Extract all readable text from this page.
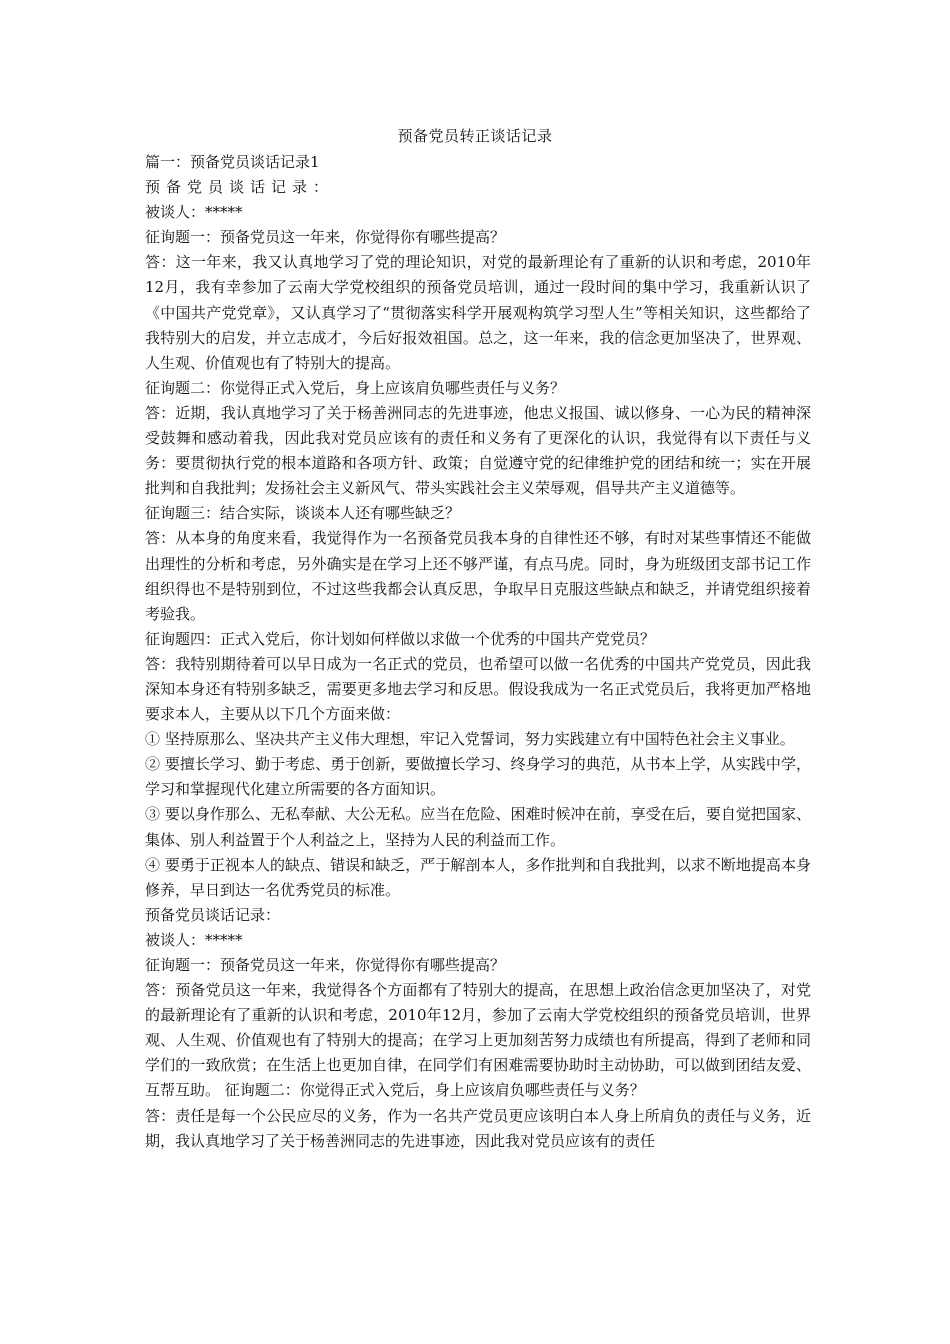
预备党员转正谈话记录

篇一：预备党员谈话记录1

预备党员谈话记录：

被谈人：*****

征询题一：预备党员这一年来，你觉得你有哪些提高？

答：这一年来，我又认真地学习了党的理论知识，对党的最新理论有了重新的认识和考虑，2010年12月，我有幸参加了云南大学党校组织的预备党员培训，通过一段时间的集中学习，我重新认识了《中国共产党党章》，又认真学习了“贯彻落实科学开展观构筑学习型人生”等相关知识，这些都给了我特别大的启发，并立志成才，今后好报效祖国。总之，这一年来，我的信念更加坚决了，世界观、人生观、价值观也有了特别大的提高。

征询题二：你觉得正式入党后，身上应该肩负哪些责任与义务？

答：近期，我认真地学习了关于杨善洲同志的先进事迹，他忠义报国、诚以修身、一心为民的精神深受鼓舞和感动着我，因此我对党员应该有的责任和义务有了更深化的认识，我觉得有以下责任与义务：要贯彻执行党的根本道路和各项方针、政策；自觉遵守党的纪律维护党的团结和统一；实在开展批判和自我批判；发扬社会主义新风气、带头实践社会主义荣辱观，倡导共产主义道德等。

征询题三：结合实际，谈谈本人还有哪些缺乏？

答：从本身的角度来看，我觉得作为一名预备党员我本身的自律性还不够，有时对某些事情还不能做出理性的分析和考虑，另外确实是在学习上还不够严谨，有点马虎。同时，身为班级团支部书记工作组织得也不是特别到位，不过这些我都会认真反思，争取早日克服这些缺点和缺乏，并请党组织接着考验我。

征询题四：正式入党后，你计划如何样做以求做一个优秀的中国共产党党员？

答：我特别期待着可以早日成为一名正式的党员，也希望可以做一名优秀的中国共产党党员，因此我深知本身还有特别多缺乏，需要更多地去学习和反思。假设我成为一名正式党员后，我将更加严格地要求本人，主要从以下几个方面来做：

① 坚持原那么、坚决共产主义伟大理想，牢记入党誓词，努力实践建立有中国特色社会主义事业。

② 要擅长学习、勤于考虑、勇于创新，要做擅长学习、终身学习的典范，从书本上学，从实践中学，学习和掌握现代化建立所需要的各方面知识。

③ 要以身作那么、无私奉献、大公无私。应当在危险、困难时候冲在前，享受在后，要自觉把国家、集体、别人利益置于个人利益之上，坚持为人民的利益而工作。

④ 要勇于正视本人的缺点、错误和缺乏，严于解剖本人，多作批判和自我批判，以求不断地提高本身修养，早日到达一名优秀党员的标准。

预备党员谈话记录：

被谈人：*****

征询题一：预备党员这一年来，你觉得你有哪些提高？

答：预备党员这一年来，我觉得各个方面都有了特别大的提高，在思想上政治信念更加坚决了，对党的最新理论有了重新的认识和考虑，2010年12月，参加了云南大学党校组织的预备党员培训，世界观、人生观、价值观也有了特别大的提高；在学习上更加刻苦努力成绩也有所提高，得到了老师和同学们的一致欣赏；在生活上也更加自律，在同学们有困难需要协助时主动协助，可以做到团结友爱、互帮互助。 征询题二：你觉得正式入党后，身上应该肩负哪些责任与义务？

答：责任是每一个公民应尽的义务，作为一名共产党员更应该明白本人身上所肩负的责任与义务，近期，我认真地学习了关于杨善洲同志的先进事迹，因此我对党员应该有的责任
